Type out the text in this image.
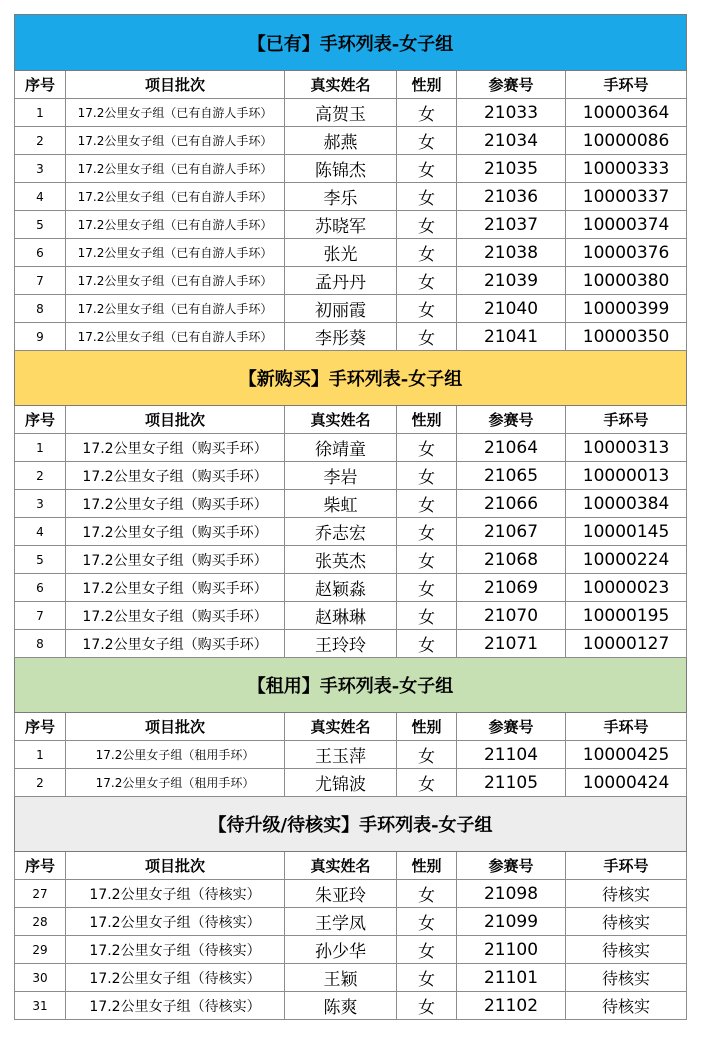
【已有】手环列表-女子组					
序号	项目批次	真实姓名	性别	参赛号	手环号
1	17.2公里女子组（已有自游人手环）	高贺玉	女	21033	10000364
2	17.2公里女子组（已有自游人手环）	郝燕	女	21034	10000086
3	17.2公里女子组（已有自游人手环）	陈锦杰	女	21035	10000333
4	17.2公里女子组（已有自游人手环）	李乐	女	21036	10000337
5	17.2公里女子组（已有自游人手环）	苏晓军	女	21037	10000374
6	17.2公里女子组（已有自游人手环）	张光	女	21038	10000376
7	17.2公里女子组（已有自游人手环）	孟丹丹	女	21039	10000380
8	17.2公里女子组（已有自游人手环）	初丽霞	女	21040	10000399
9	17.2公里女子组（已有自游人手环）	李彤葵	女	21041	10000350
【新购买】手环列表-女子组					
序号	项目批次	真实姓名	性别	参赛号	手环号
1	17.2公里女子组（购买手环）	徐靖童	女	21064	10000313
2	17.2公里女子组（购买手环）	李岩	女	21065	10000013
3	17.2公里女子组（购买手环）	柴虹	女	21066	10000384
4	17.2公里女子组（购买手环）	乔志宏	女	21067	10000145
5	17.2公里女子组（购买手环）	张英杰	女	21068	10000224
6	17.2公里女子组（购买手环）	赵颖淼	女	21069	10000023
7	17.2公里女子组（购买手环）	赵琳琳	女	21070	10000195
8	17.2公里女子组（购买手环）	王玲玲	女	21071	10000127
【租用】手环列表-女子组					
序号	项目批次	真实姓名	性别	参赛号	手环号
1	17.2公里女子组（租用手环）	王玉萍	女	21104	10000425
2	17.2公里女子组（租用手环）	尤锦波	女	21105	10000424
【待升级/待核实】手环列表-女子组					
序号	项目批次	真实姓名	性别	参赛号	手环号
27	17.2公里女子组（待核实）	朱亚玲	女	21098	待核实
28	17.2公里女子组（待核实）	王学凤	女	21099	待核实
29	17.2公里女子组（待核实）	孙少华	女	21100	待核实
30	17.2公里女子组（待核实）	王颖	女	21101	待核实
31	17.2公里女子组（待核实）	陈爽	女	21102	待核实
